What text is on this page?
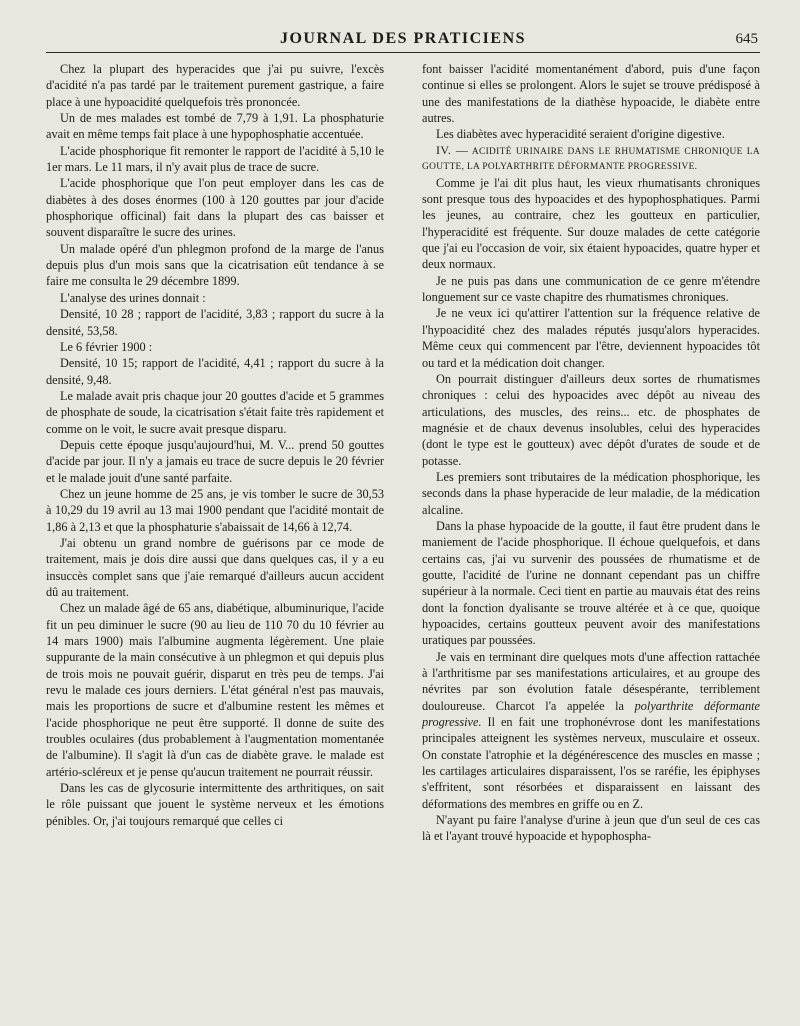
JOURNAL DES PRATICIENS	645

Chez la plupart des hyperacides que j'ai pu suivre, l'excès d'acidité n'a pas tardé par le traitement purement gastrique, a faire place à une hypoacidité quelquefois très prononcée.

Un de mes malades est tombé de 7,79 à 1,91. La phosphaturie avait en même temps fait place à une hypophosphatie accentuée.

L'acide phosphorique fit remonter le rapport de l'acidité à 5,10 le 1er mars. Le 11 mars, il n'y avait plus de trace de sucre.

L'acide phosphorique que l'on peut employer dans les cas de diabètes à des doses énormes (100 à 120 gouttes par jour d'acide phosphorique officinal) fait dans la plupart des cas baisser et souvent disparaître le sucre des urines.

Un malade opéré d'un phlegmon profond de la marge de l'anus depuis plus d'un mois sans que la cicatrisation eût tendance à se faire me consulta le 29 décembre 1899.

L'analyse des urines donnait :

Densité, 10 28 ; rapport de l'acidité, 3,83 ; rapport du sucre à la densité, 53,58.

Le 6 février 1900 :

Densité, 10 15; rapport de l'acidité, 4,41 ; rapport du sucre à la densité, 9,48.

Le malade avait pris chaque jour 20 gouttes d'acide et 5 grammes de phosphate de soude, la cicatrisation s'était faite très rapidement et comme on le voit, le sucre avait presque disparu.

Depuis cette époque jusqu'aujourd'hui, M. V... prend 50 gouttes d'acide par jour. Il n'y a jamais eu trace de sucre depuis le 20 février et le malade jouit d'une santé parfaite.

Chez un jeune homme de 25 ans, je vis tomber le sucre de 30,53 à 10,29 du 19 avril au 13 mai 1900 pendant que l'acidité montait de 1,86 à 2,13 et que la phosphaturie s'abaissait de 14,66 à 12,74.

J'ai obtenu un grand nombre de guérisons par ce mode de traitement, mais je dois dire aussi que dans quelques cas, il y a eu insuccès complet sans que j'aie remarqué d'ailleurs aucun accident dû au traitement.

Chez un malade âgé de 65 ans, diabétique, albuminurique, l'acide fit un peu diminuer le sucre (90 au lieu de 110 70 du 10 février au 14 mars 1900) mais l'albumine augmenta légèrement. Une plaie suppurante de la main consécutive à un phlegmon et qui depuis plus de trois mois ne pouvait guérir, disparut en très peu de temps. J'ai revu le malade ces jours derniers. L'état général n'est pas mauvais, mais les proportions de sucre et d'albumine restent les mêmes et l'acide phosphorique ne peut être supporté. Il donne de suite des troubles oculaires (dus probablement à l'augmentation momentanée de l'albumine). Il s'agit là d'un cas de diabète grave. le malade est artério-scléreux et je pense qu'aucun traitement ne pourrait réussir.

Dans les cas de glycosurie intermittente des arthritiques, on sait le rôle puissant que jouent le système nerveux et les émotions pénibles. Or, j'ai toujours remarqué que celles ci

font baisser l'acidité momentanément d'abord, puis d'une façon continue si elles se prolongent. Alors le sujet se trouve prédisposé à une des manifestations de la diathèse hypoacide, le diabète entre autres.

Les diabètes avec hyperacidité seraient d'origine digestive.

IV. — ACIDITÉ URINAIRE DANS LE RHUMATISME CHRONIQUE LA GOUTTE, LA POLYARTHRITE DÉFORMANTE PROGRESSIVE.

Comme je l'ai dit plus haut, les vieux rhumatisants chroniques sont presque tous des hypoacides et des hypophosphatiques. Parmi les jeunes, au contraire, chez les goutteux en particulier, l'hyperacidité est fréquente. Sur douze malades de cette catégorie que j'ai eu l'occasion de voir, six étaient hypoacides, quatre hyper et deux normaux.

Je ne puis pas dans une communication de ce genre m'étendre longuement sur ce vaste chapitre des rhumatismes chroniques.

Je ne veux ici qu'attirer l'attention sur la fréquence relative de l'hypoacidité chez des malades réputés jusqu'alors hyperacides. Même ceux qui commencent par l'être, deviennent hypoacides tôt ou tard et la médication doit changer.

On pourrait distinguer d'ailleurs deux sortes de rhumatismes chroniques : celui des hypoacides avec dépôt au niveau des articulations, des muscles, des reins... etc. de phosphates de magnésie et de chaux devenus insolubles, celui des hyperacides (dont le type est le goutteux) avec dépôt d'urates de soude et de potasse.

Les premiers sont tributaires de la médication phosphorique, les seconds dans la phase hyperacide de leur maladie, de la médication alcaline.

Dans la phase hypoacide de la goutte, il faut être prudent dans le maniement de l'acide phosphorique. Il échoue quelquefois, et dans certains cas, j'ai vu survenir des poussées de rhumatisme et de goutte, l'acidité de l'urine ne donnant cependant pas un chiffre supérieur à la normale. Ceci tient en partie au mauvais état des reins dont la fonction dyalisante se trouve altérée et à ce que, quoique hypoacides, certains goutteux peuvent avoir des manifestations uratiques par poussées.

Je vais en terminant dire quelques mots d'une affection rattachée à l'arthritisme par ses manifestations articulaires, et au groupe des névrites par son évolution fatale désespérante, terriblement douloureuse. Charcot l'a appelée la polyarthrite déformante progressive. Il en fait une trophonévrose dont les manifestations principales atteignent les systèmes nerveux, musculaire et osseux. On constate l'atrophie et la dégénérescence des muscles en masse ; les cartilages articulaires disparaissent, l'os se raréfie, les épiphyses s'effritent, sont résorbées et disparaissent en laissant des déformations des membres en griffe ou en Z.

N'ayant pu faire l'analyse d'urine à jeun que d'un seul de ces cas là et l'ayant trouvé hypoacide et hypophospha-
